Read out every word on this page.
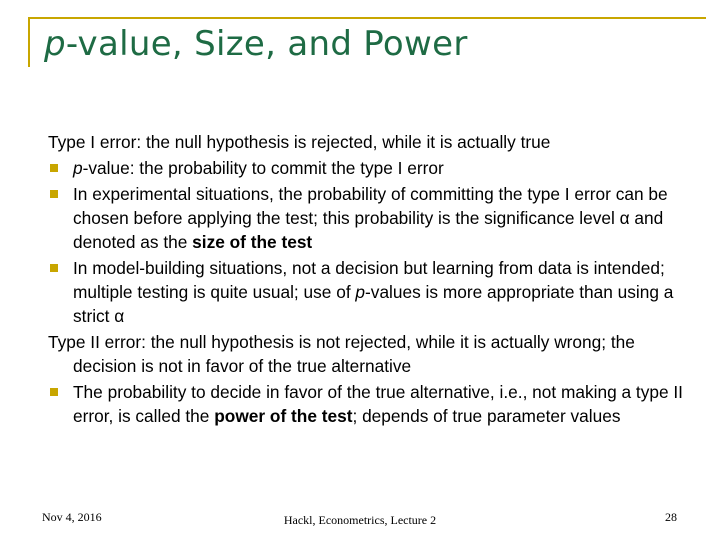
p-value, Size, and Power

Type I error: the null hypothesis is rejected, while it is actually true

p-value: the probability to commit the type I error
In experimental situations, the probability of committing the type I error can be chosen before applying the test; this probability is the significance level α and denoted as the size of the test
In model-building situations, not a decision but learning from data is intended; multiple testing is quite usual; use of p-values is more appropriate than using a strict α

Type II error: the null hypothesis is not rejected, while it is actually wrong; the decision is not in favor of the true alternative

The probability to decide in favor of the true alternative, i.e., not making a type II error, is called the power of the test; depends of true parameter values
Nov 4, 2016	Hackl, Econometrics, Lecture 2	28
